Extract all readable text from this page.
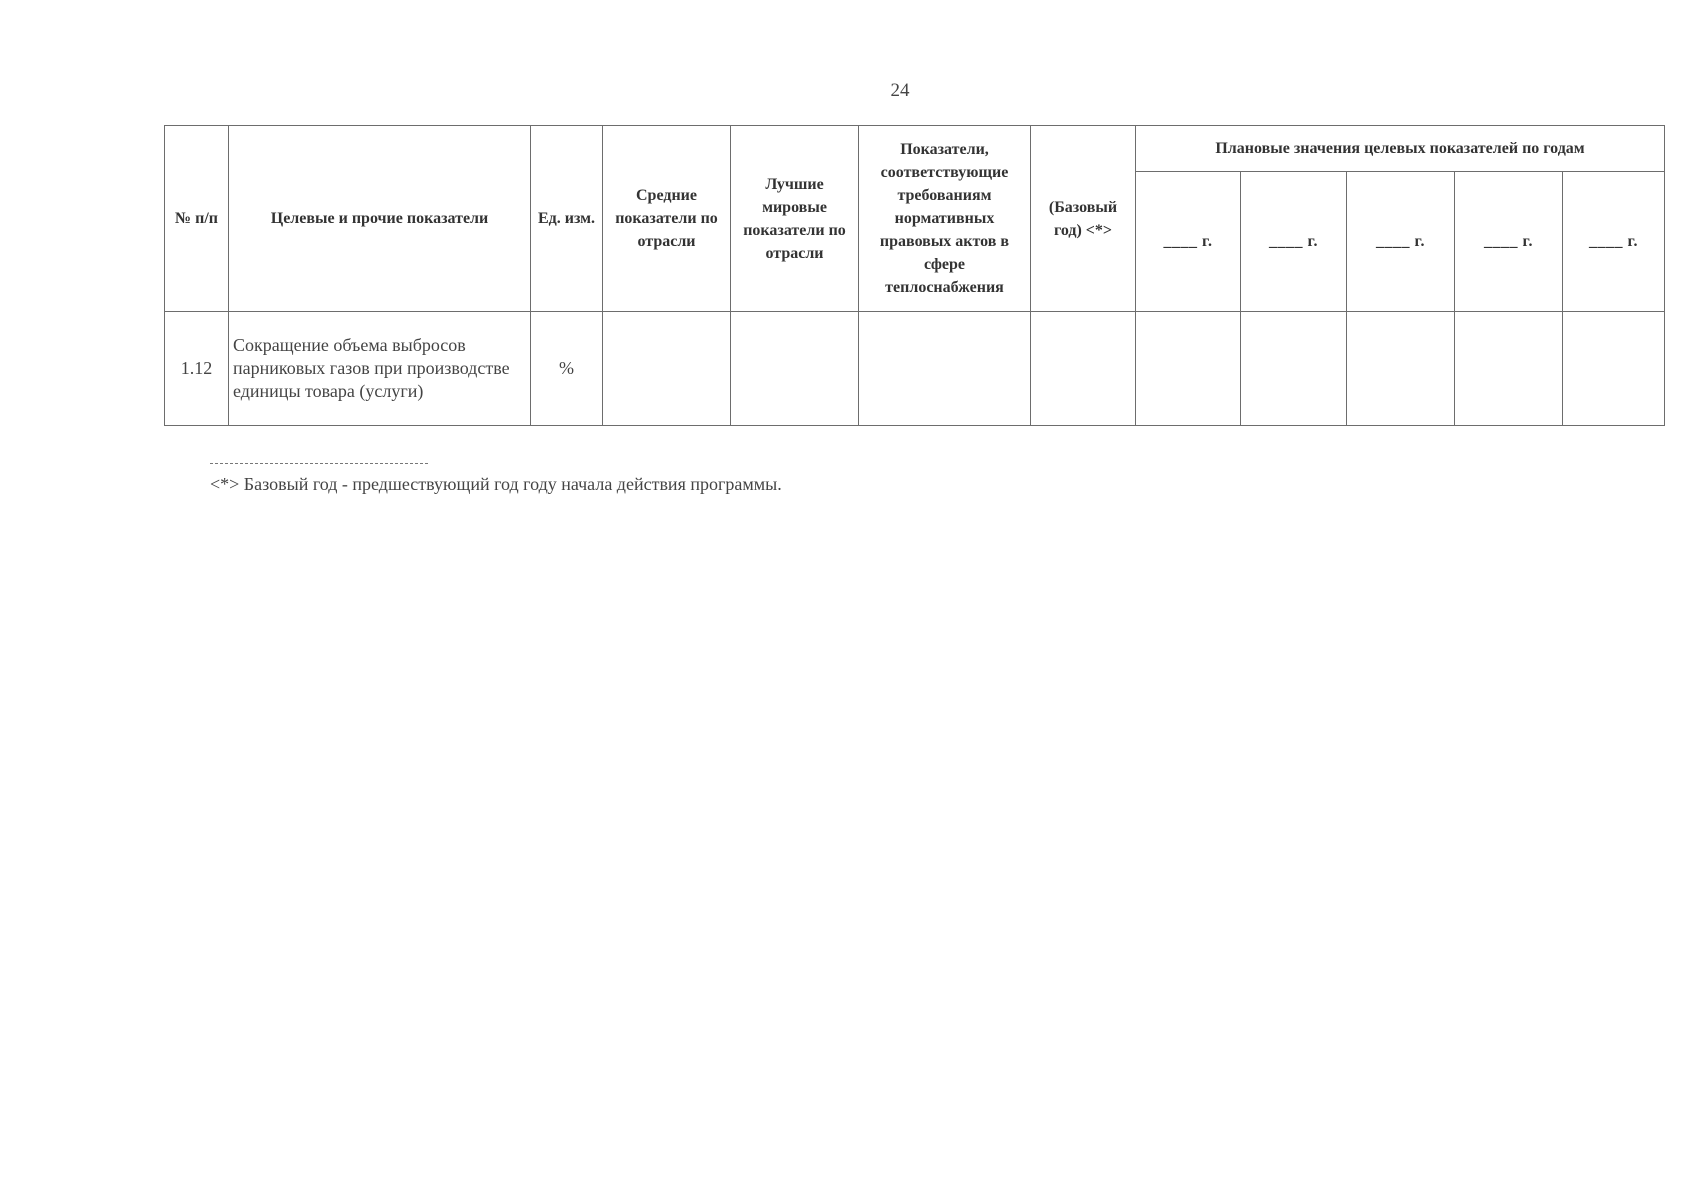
24
№ п/п	Целевые и прочие показатели	Ед. изм.	Средние показатели по отрасли	Лучшие мировые показатели по отрасли	Показатели, соответствующие требованиям нормативных правовых актов в сфере теплоснабжения	(Базовый год) <*>	Плановые значения целевых показателей по годам				
							____ г.	____ г.	____ г.	____ г.	____ г.
1.12	Сокращение объема выбросов парниковых газов при производстве единицы товара (услуги)	%									
<*> Базовый год - предшествующий год году начала действия программы.
